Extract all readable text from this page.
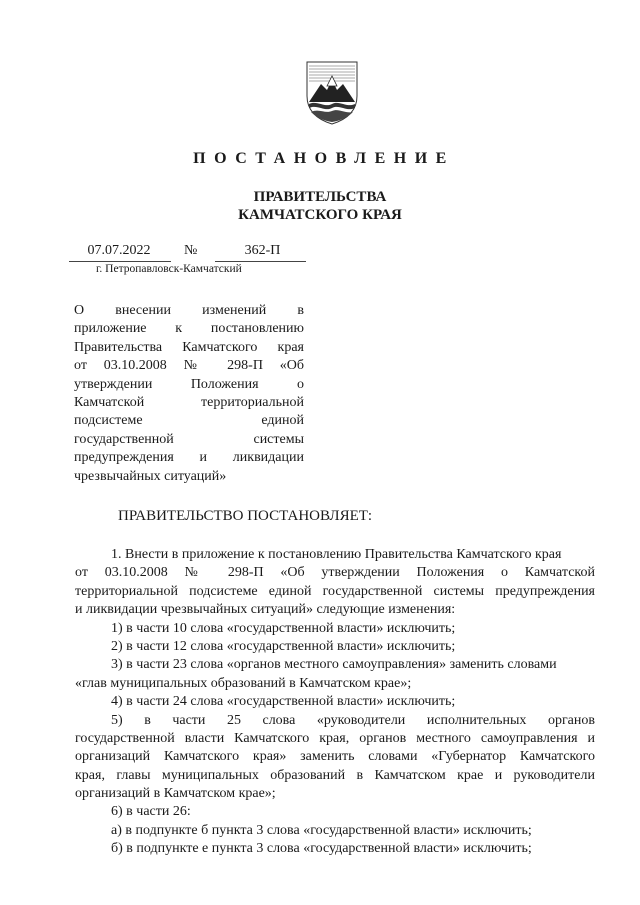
ПОСТАНОВЛЕНИЕ
ПРАВИТЕЛЬСТВА
КАМЧАТСКОГО КРАЯ
07.07.2022	№	362-П
г. Петропавловск-Камчатский
О внесении изменений в
приложение к постановлению
Правительства Камчатского края
от 03.10.2008 № 298-П «Об
утверждении Положения о
Камчатской территориальной
подсистеме единой
государственной системы
предупреждения и ликвидации
чрезвычайных ситуаций»
ПРАВИТЕЛЬСТВО ПОСТАНОВЛЯЕТ:
1. Внести в приложение к постановлению Правительства Камчатского края
от 03.10.2008 № 298-П «Об утверждении Положения о Камчатской
территориальной подсистеме единой государственной системы предупреждения
и ликвидации чрезвычайных ситуаций» следующие изменения:
1) в части 10 слова «государственной власти» исключить;
2) в части 12 слова «государственной власти» исключить;
3) в части 23 слова «органов местного самоуправления» заменить словами
«глав муниципальных образований в Камчатском крае»;
4) в части 24 слова «государственной власти» исключить;
5) в части 25 слова «руководители исполнительных органов
государственной власти Камчатского края, органов местного самоуправления и
организаций Камчатского края» заменить словами «Губернатор Камчатского
края, главы муниципальных образований в Камчатском крае и руководители
организаций в Камчатском крае»;
6) в части 26:
а) в подпункте б пункта 3 слова «государственной власти» исключить;
б) в подпункте е пункта 3 слова «государственной власти» исключить;
